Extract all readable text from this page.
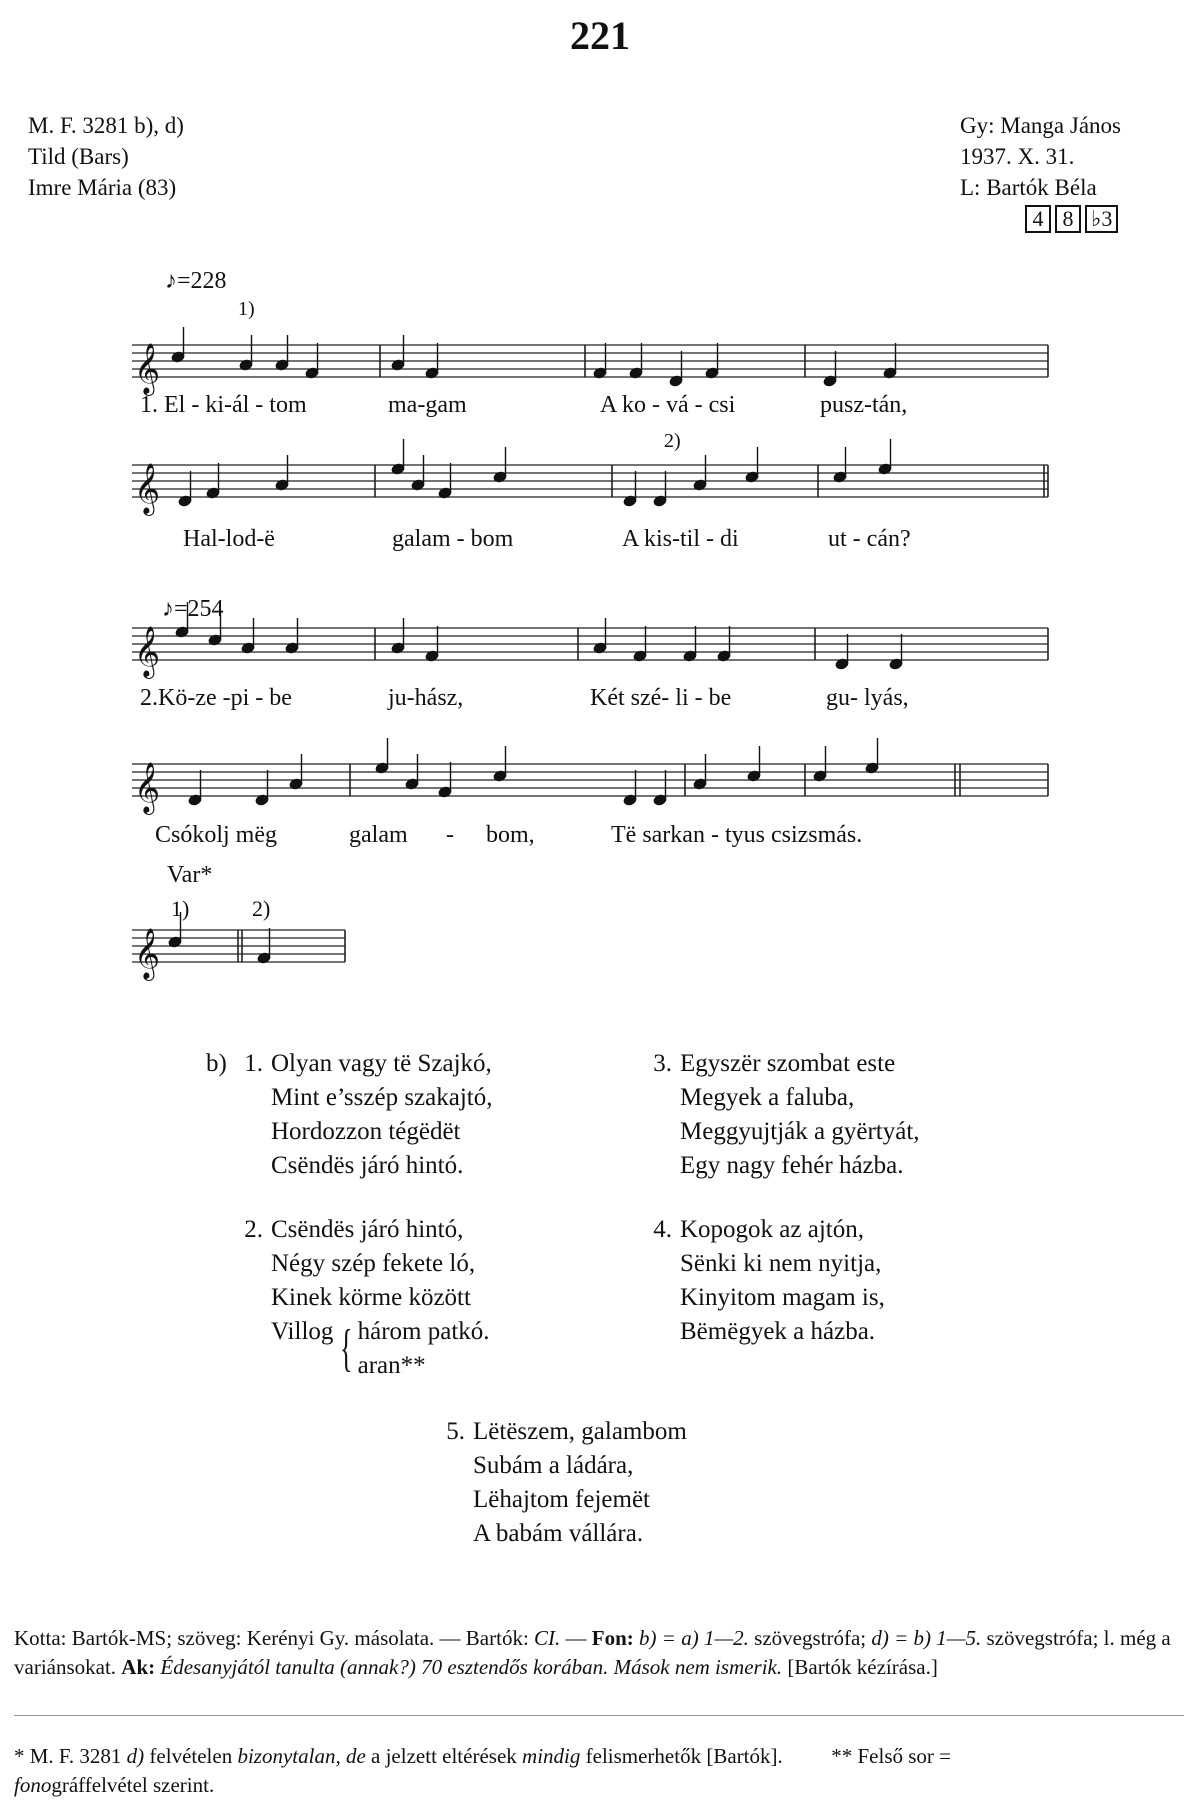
221
M. F. 3281 b), d)
Tild (Bars)
Imre Mária (83)
Gy: Manga János
1937. X. 31.
L: Bartók Béla
4 8 ♭3
♪=228
♪=254
𝄞
𝄞
𝄞
𝄞
𝄞
1)
2)
1. El - ki-ál - tom	ma-gam	A ko - vá - csi	pusz-tán,
Hal-lod-ë	galam - bom	A kis-til - di	ut - cán?
2.Kö-ze -pi - be	ju-hász,	Két szé- li - be	gu- lyás,
Csókolj mëg	galam - bom,	Të sarkan - tyus csizsmás.
Var*
1)	2)
b) 1. Olyan vagy të Szajkó,
Mint e’sszép szakajtó,
Hordozzon tégëdët
Csëndës járó hintó.
2. Csëndës járó hintó,
Négy szép fekete ló,
Kinek körme között
Villog { három patkó.
aran**
3. Egyszër szombat este
Megyek a faluba,
Meggyujtják a gyërtyát,
Egy nagy fehér házba.
4. Kopogok az ajtón,
Sënki ki nem nyitja,
Kinyitom magam is,
Bëmëgyek a házba.
5. Lëtëszem, galambom
Subám a ládára,
Lëhajtom fejemët
A babám vállára.
Kotta: Bartók-MS; szöveg: Kerényi Gy. másolata. — Bartók: CI. — Fon: b) = a) 1—2. szövegstrófa; d) = b) 1—5. szövegstrófa; l. még a variánsokat. Ak: Édesanyjától tanulta (annak?) 70 esztendős korában. Mások nem ismerik. [Bartók kézírása.]
* M. F. 3281 d) felvételen bizonytalan, de a jelzett eltérések mindig felismerhetők [Bartók]. ** Felső sor =
fonográffelvétel szerint.
